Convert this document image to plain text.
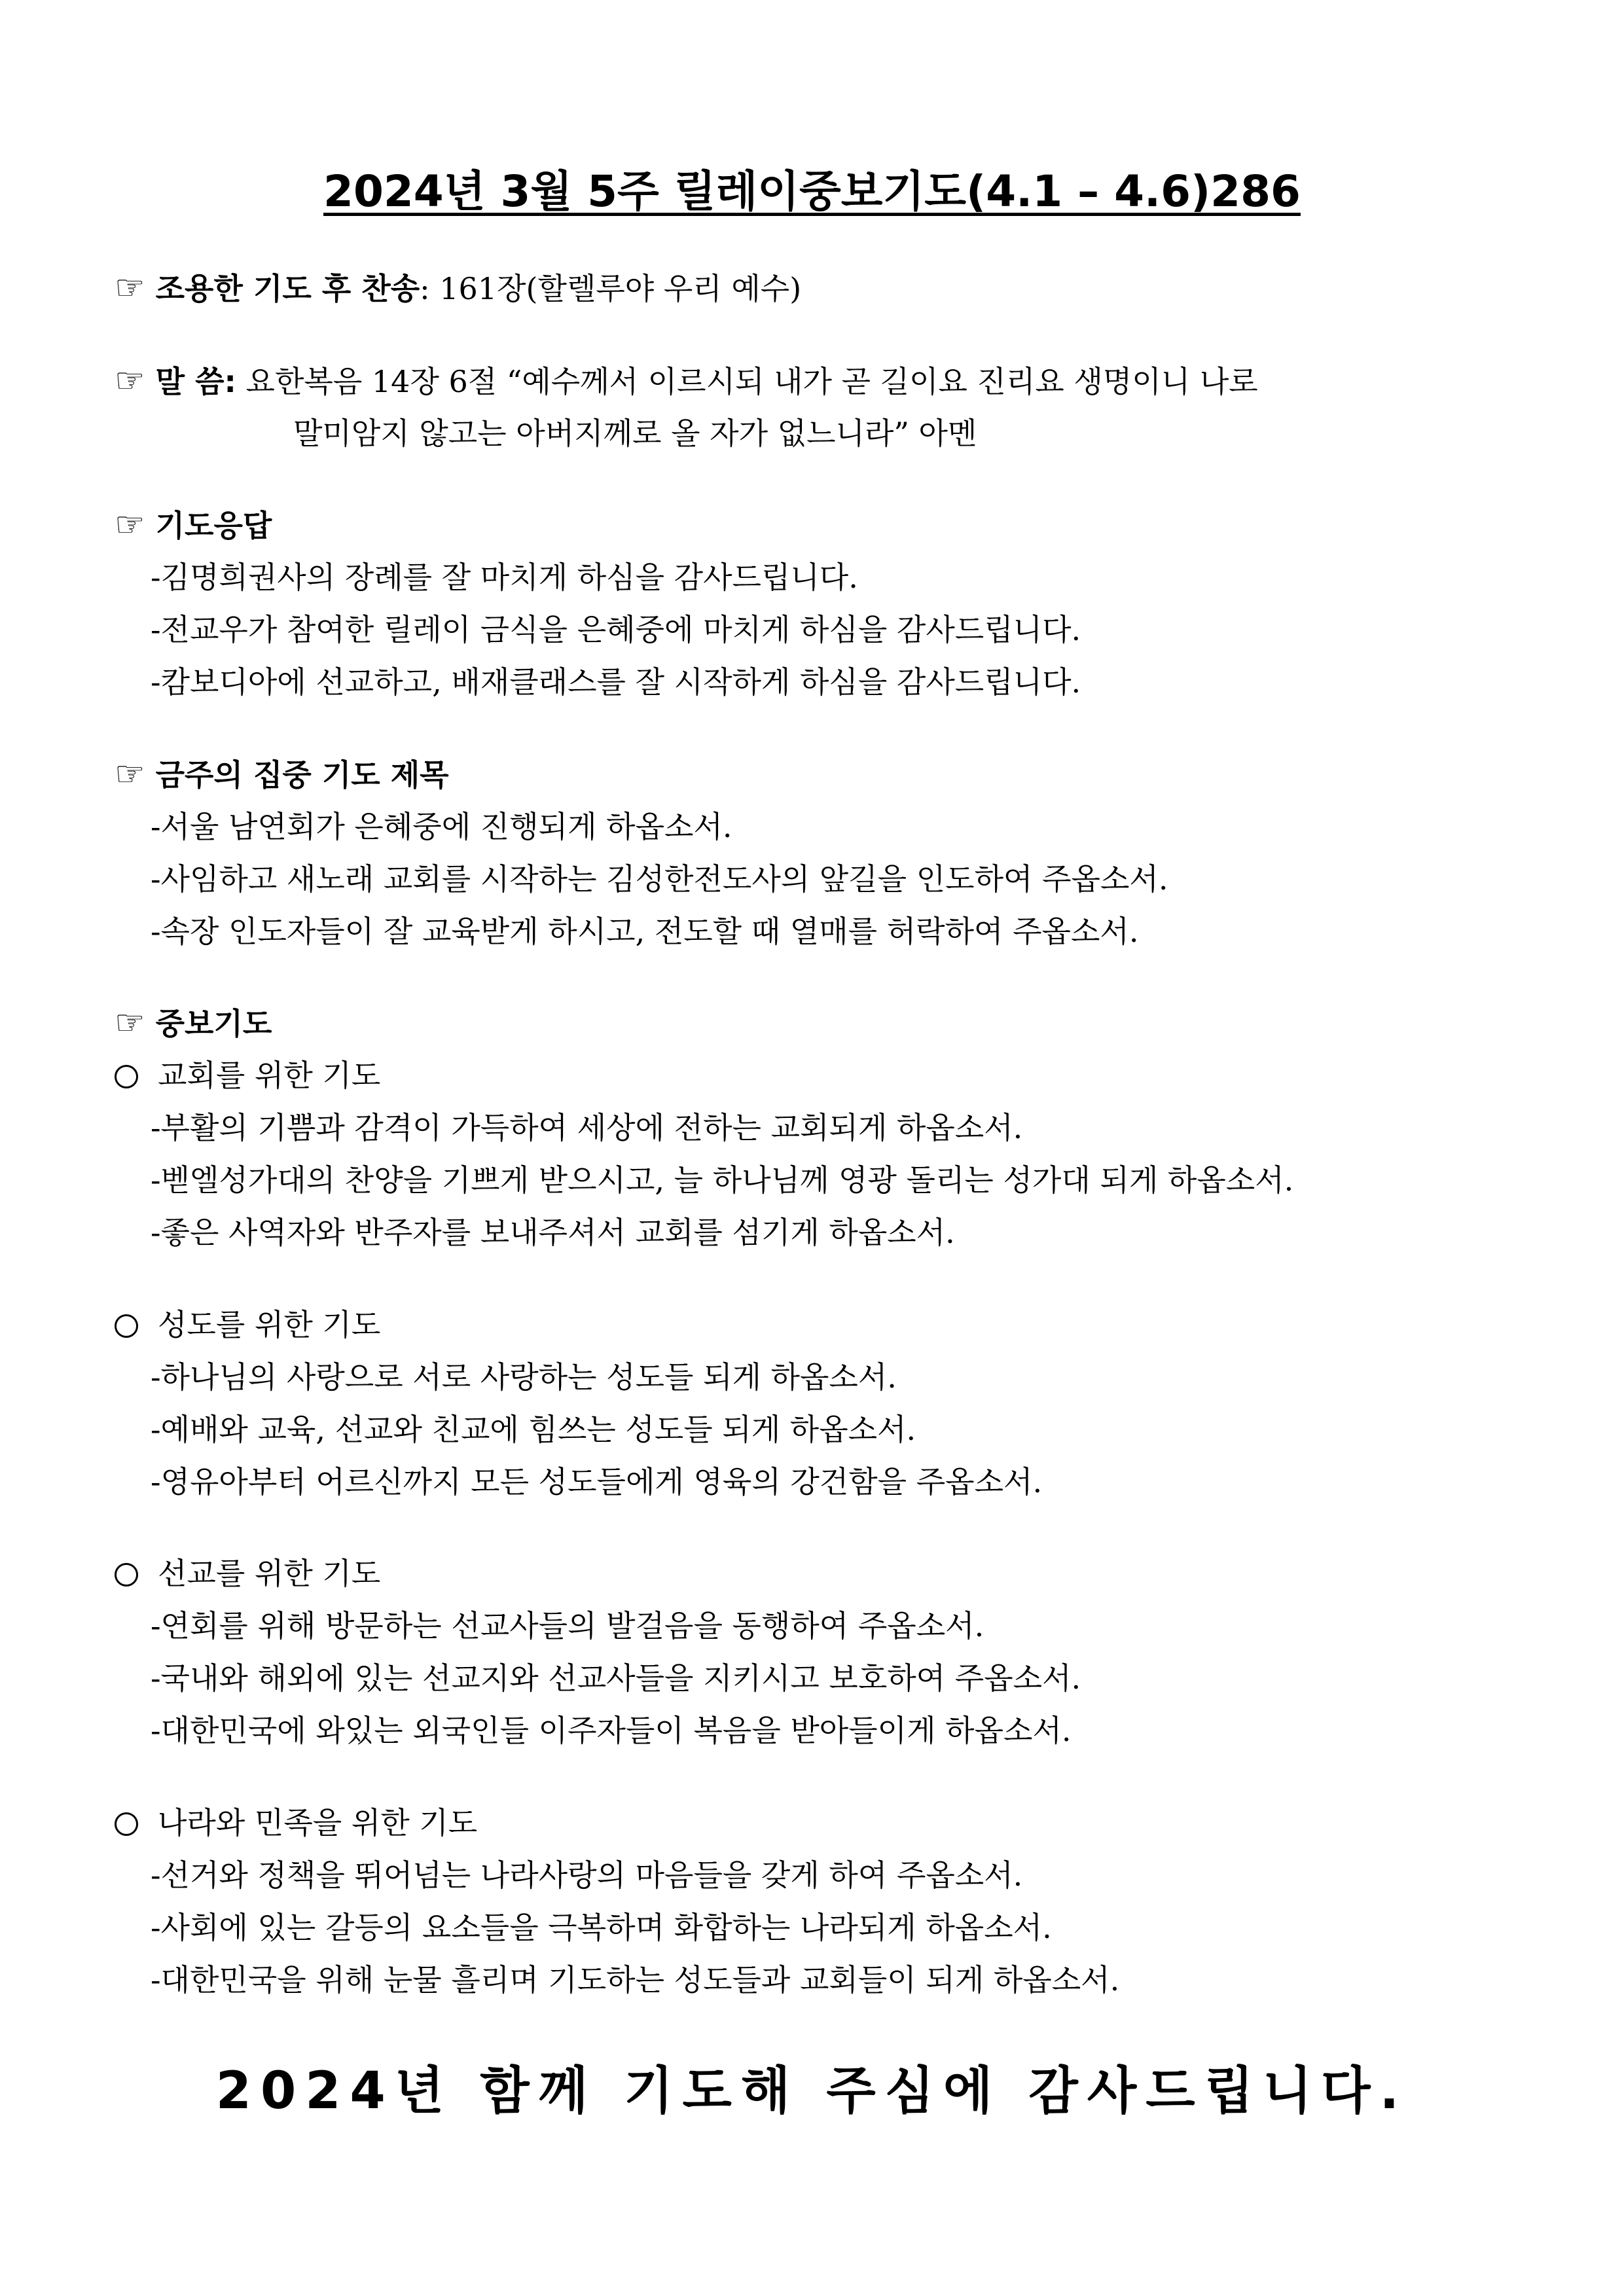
2024년 3월 5주 릴레이중보기도(4.1 – 4.6)286
☞ 조용한 기도 후 찬송: 161장(할렐루야 우리 예수)
☞ 말 씀: 요한복음 14장 6절 “예수께서 이르시되 내가 곧 길이요 진리요 생명이니 나로
말미암지 않고는 아버지께로 올 자가 없느니라” 아멘
☞ 기도응답
-김명희권사의 장례를 잘 마치게 하심을 감사드립니다.
-전교우가 참여한 릴레이 금식을 은혜중에 마치게 하심을 감사드립니다.
-캄보디아에 선교하고, 배재클래스를 잘 시작하게 하심을 감사드립니다.
☞ 금주의 집중 기도 제목
-서울 남연회가 은혜중에 진행되게 하옵소서.
-사임하고 새노래 교회를 시작하는 김성한전도사의 앞길을 인도하여 주옵소서.
-속장 인도자들이 잘 교육받게 하시고, 전도할 때 열매를 허락하여 주옵소서.
☞ 중보기도
교회를 위한 기도
-부활의 기쁨과 감격이 가득하여 세상에 전하는 교회되게 하옵소서.
-벧엘성가대의 찬양을 기쁘게 받으시고, 늘 하나님께 영광 돌리는 성가대 되게 하옵소서.
-좋은 사역자와 반주자를 보내주셔서 교회를 섬기게 하옵소서.
성도를 위한 기도
-하나님의 사랑으로 서로 사랑하는 성도들 되게 하옵소서.
-예배와 교육, 선교와 친교에 힘쓰는 성도들 되게 하옵소서.
-영유아부터 어르신까지 모든 성도들에게 영육의 강건함을 주옵소서.
선교를 위한 기도
-연회를 위해 방문하는 선교사들의 발걸음을 동행하여 주옵소서.
-국내와 해외에 있는 선교지와 선교사들을 지키시고 보호하여 주옵소서.
-대한민국에 와있는 외국인들 이주자들이 복음을 받아들이게 하옵소서.
나라와 민족을 위한 기도
-선거와 정책을 뛰어넘는 나라사랑의 마음들을 갖게 하여 주옵소서.
-사회에 있는 갈등의 요소들을 극복하며 화합하는 나라되게 하옵소서.
-대한민국을 위해 눈물 흘리며 기도하는 성도들과 교회들이 되게 하옵소서.
2024년 함께 기도해 주심에 감사드립니다.
